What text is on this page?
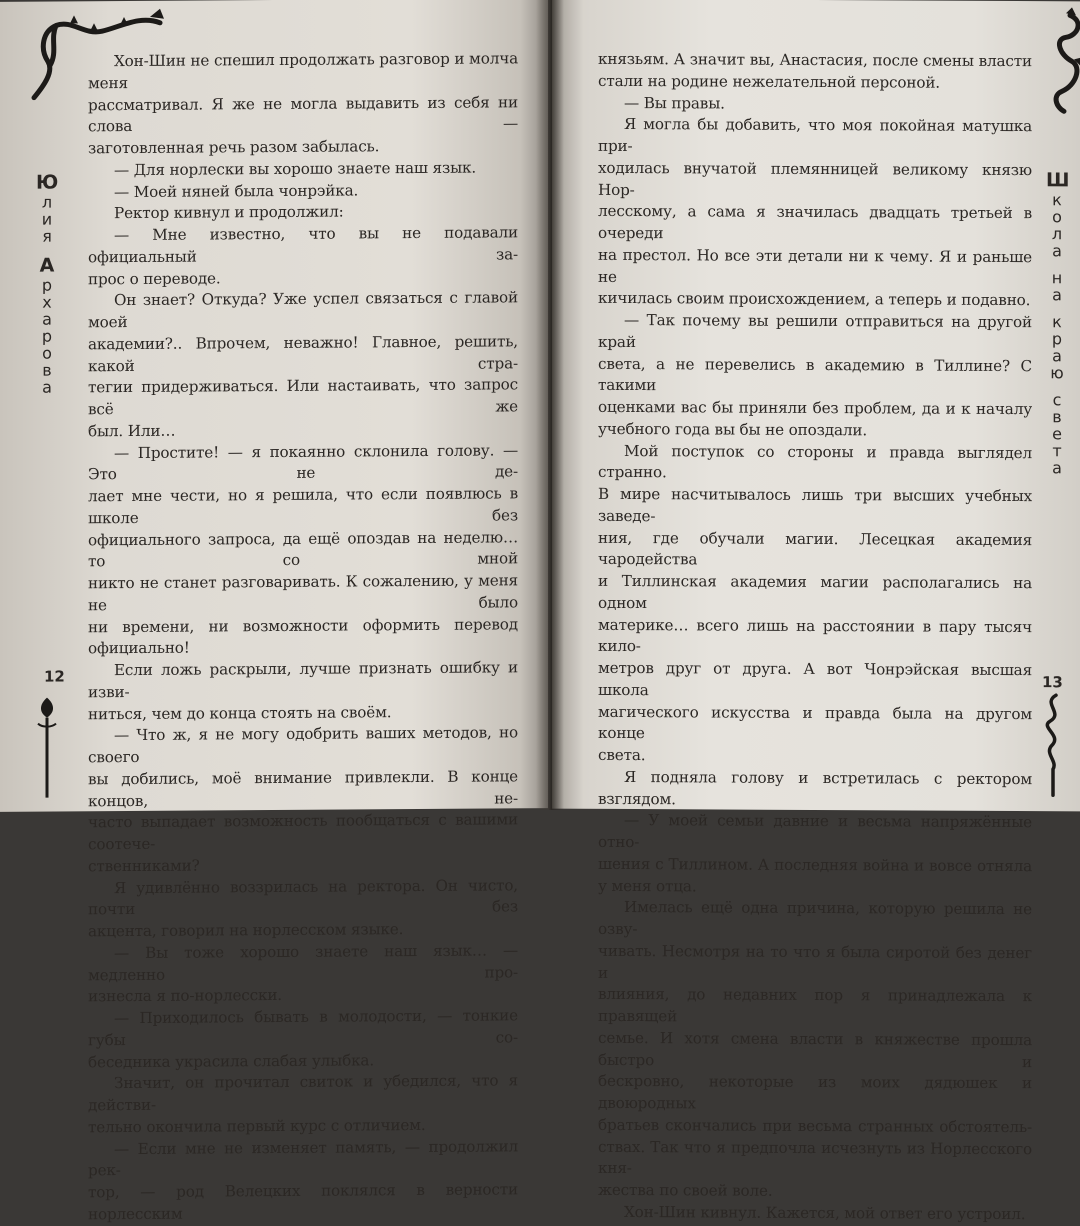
Ю
л
и
я

А
р
х
а
р
о
в
а

Хон-Шин не спешил продолжать разговор и молча меня
рассматривал. Я же не могла выдавить из себя ни слова —
заготовленная речь разом забылась.

— Для норлески вы хорошо знаете наш язык.

— Моей няней была чонрэйка.

Ректор кивнул и продолжил:

— Мне известно, что вы не подавали официальный за-
прос о переводе.

Он знает? Откуда? Уже успел связаться с главой моей
академии?.. Впрочем, неважно! Главное, решить, какой стра-
тегии придерживаться. Или настаивать, что запрос всё же
был. Или…

— Простите! — я покаянно склонила голову. — Это не де-
лает мне чести, но я решила, что если появлюсь в школе без
официального запроса, да ещё опоздав на неделю… то со мной
никто не станет разговаривать. К сожалению, у меня не было
ни времени, ни возможности оформить перевод официально!

Если ложь раскрыли, лучше признать ошибку и изви-
ниться, чем до конца стоять на своём.

— Что ж, я не могу одобрить ваших методов, но своего
вы добились, моё внимание привлекли. В конце концов, не-
часто выпадает возможность пообщаться с вашими соотече-
ственниками?

Я удивлённо воззрилась на ректора. Он чисто, почти без
акцента, говорил на норлесском языке.

— Вы тоже хорошо знаете наш язык… — медленно про-
изнесла я по-норлесски.

— Приходилось бывать в молодости, — тонкие губы со-
беседника украсила слабая улыбка.

Значит, он прочитал свиток и убедился, что я действи-
тельно окончила первый курс с отличием.

— Если мне не изменяет память, — продолжил рек-
тор, — род Велецких поклялся в верности норлесским

12

князьям. А значит вы, Анастасия, после смены власти
стали на родине нежелательной персоной.

— Вы правы.

Я могла бы добавить, что моя покойная матушка при-
ходилась внучатой племянницей великому князю Нор-
лесскому, а сама я значилась двадцать третьей в очереди
на престол. Но все эти детали ни к чему. Я и раньше не
кичилась своим происхождением, а теперь и подавно.

— Так почему вы решили отправиться на другой край
света, а не перевелись в академию в Тиллине? С такими
оценками вас бы приняли без проблем, да и к началу
учебного года вы бы не опоздали.

Мой поступок со стороны и правда выглядел странно.
В мире насчитывалось лишь три высших учебных заведе-
ния, где обучали магии. Лесецкая академия чародейства
и Тиллинская академия магии располагались на одном
материке… всего лишь на расстоянии в пару тысяч кило-
метров друг от друга. А вот Чонрэйская высшая школа
магического искусства и правда была на другом конце
света.

Я подняла голову и встретилась с ректором взглядом.

— У моей семьи давние и весьма напряжённые отно-
шения с Тиллином. А последняя война и вовсе отняла
у меня отца.

Имелась ещё одна причина, которую решила не озву-
чивать. Несмотря на то что я была сиротой без денег и
влияния, до недавних пор я принадлежала к правящей
семье. И хотя смена власти в княжестве прошла быстро и
бескровно, некоторые из моих дядюшек и двоюродных
братьев скончались при весьма странных обстоятель-
ствах. Так что я предпочла исчезнуть из Норлесского кня-
жества по своей воле.

Хон-Шин кивнул. Кажется, мой ответ его устроил.

Ш
к
о
л
а

н
а

к
р
а
ю

с
в
е
т
а
13
